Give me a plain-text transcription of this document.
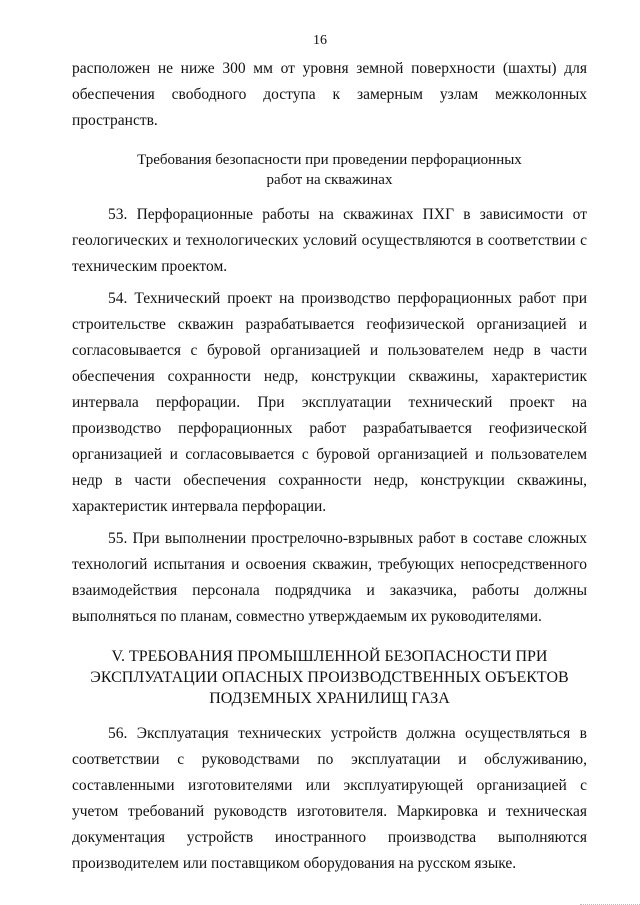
16

расположен не ниже 300 мм от уровня земной поверхности (шахты) для обеспечения свободного доступа к замерным узлам межколонных пространств.

Требования безопасности при проведении перфорационных
работ на скважинах

53. Перфорационные работы на скважинах ПХГ в зависимости от геологических и технологических условий осуществляются в соответствии с техническим проектом.

54. Технический проект на производство перфорационных работ при строительстве скважин разрабатывается геофизической организацией и согласовывается с буровой организацией и пользователем недр в части обеспечения сохранности недр, конструкции скважины, характеристик интервала перфорации. При эксплуатации технический проект на производство перфорационных работ разрабатывается геофизической организацией и согласовывается с буровой организацией и пользователем недр в части обеспечения сохранности недр, конструкции скважины, характеристик интервала перфорации.

55. При выполнении прострелочно-взрывных работ в составе сложных технологий испытания и освоения скважин, требующих непосредственного взаимодействия персонала подрядчика и заказчика, работы должны выполняться по планам, совместно утверждаемым их руководителями.

V. ТРЕБОВАНИЯ ПРОМЫШЛЕННОЙ БЕЗОПАСНОСТИ ПРИ
ЭКСПЛУАТАЦИИ ОПАСНЫХ ПРОИЗВОДСТВЕННЫХ ОБЪЕКТОВ
ПОДЗЕМНЫХ ХРАНИЛИЩ ГАЗА

56. Эксплуатация технических устройств должна осуществляться в соответствии с руководствами по эксплуатации и обслуживанию, составленными изготовителями или эксплуатирующей организацией с учетом требований руководств изготовителя. Маркировка и техническая документация устройств иностранного производства выполняются производителем или поставщиком оборудования на русском языке.
